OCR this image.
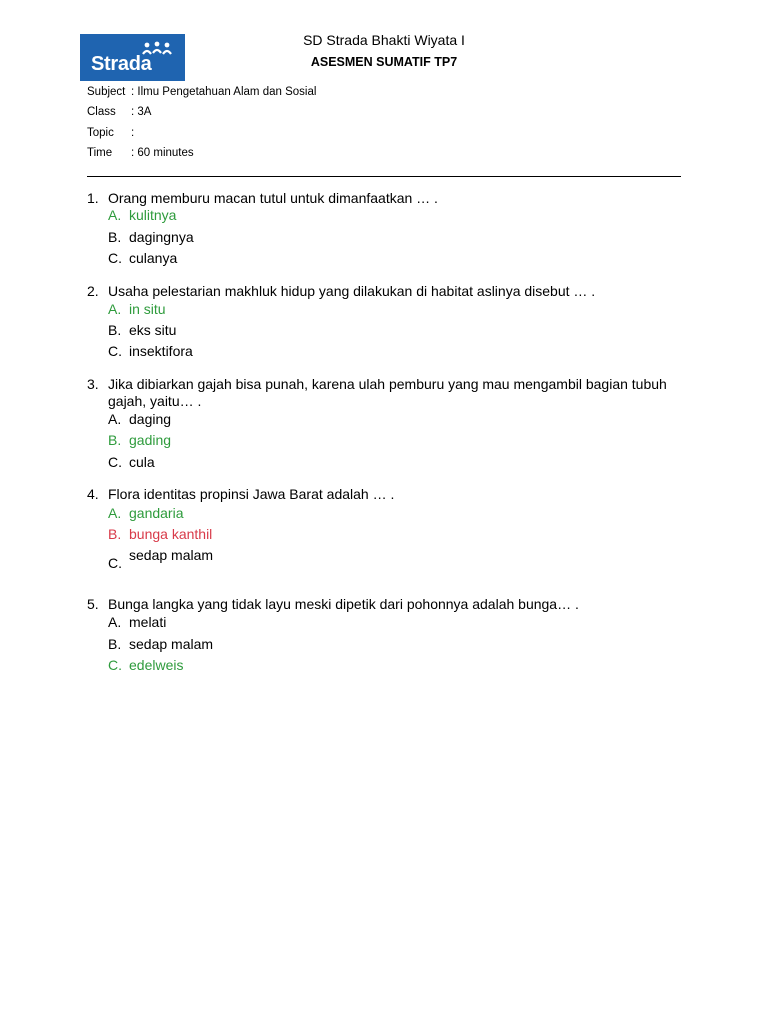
Strada
SD Strada Bhakti Wiyata I
ASESMEN SUMATIF TP7
Subject : Ilmu Pengetahuan Alam dan Sosial
Class : 3A
Topic :
Time : 60 minutes
1. Orang memburu macan tutul untuk dimanfaatkan … .
A. kulitnya
B. dagingnya
C. culanya
2. Usaha pelestarian makhluk hidup yang dilakukan di habitat aslinya disebut … .
A. in situ
B. eks situ
C. insektifora
3. Jika dibiarkan gajah bisa punah, karena ulah pemburu yang mau mengambil bagian tubuh gajah, yaitu… .
A. daging
B. gading
C. cula
4. Flora identitas propinsi Jawa Barat adalah … .
A. gandaria
B. bunga kanthil
C. sedap malam
5. Bunga langka yang tidak layu meski dipetik dari pohonnya adalah bunga… .
A. melati
B. sedap malam
C. edelweis
